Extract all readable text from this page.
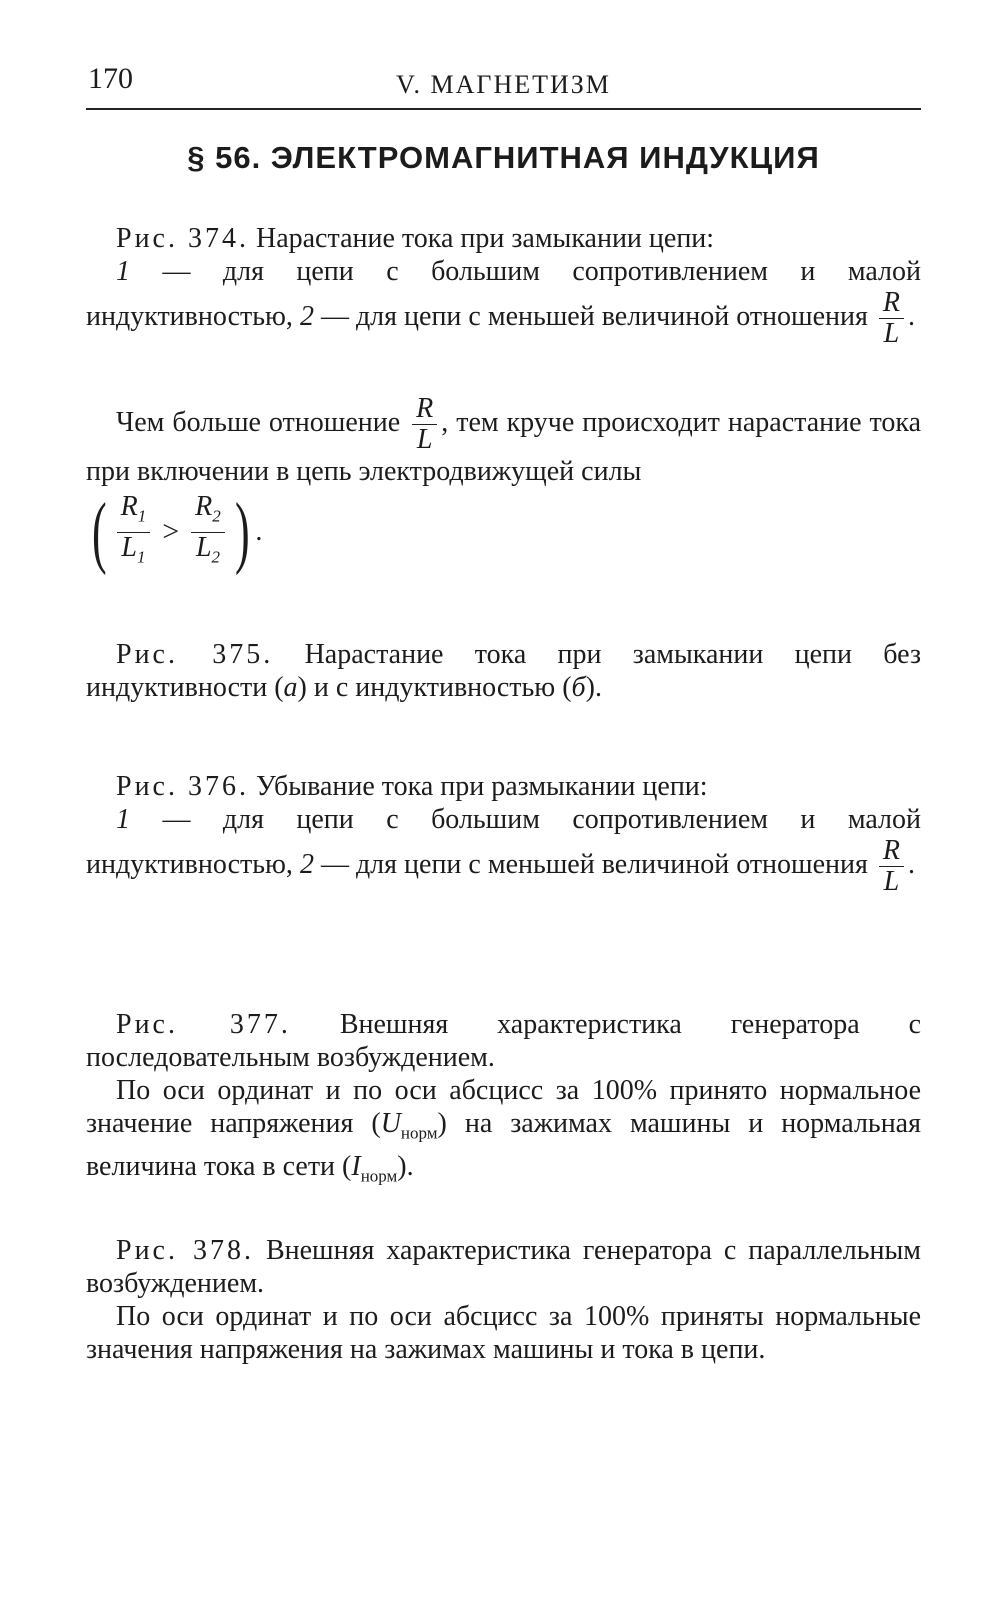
170	V. МАГНЕТИЗМ
§ 56. ЭЛЕКТРОМАГНИТНАЯ ИНДУКЦИЯ
Рис. 374. Нарастание тока при замыкании цепи:
1 — для цепи с большим сопротивлением и малой индуктивностью, 2 — для цепи с меньшей величиной отношения $\frac{R}{L}$ .
Чем больше отношение $\frac{R}{L}$ , тем круче происходит нарастание тока при включении в цепь электродвижущей силы
( $\frac{R_1}{L_1} > \frac{R_2}{L_2}$ ) .
Рис. 375. Нарастание тока при замыкании цепи без индуктивности (а) и с индуктивностью (б).
Рис. 376. Убывание тока при размыкании цепи:
1 — для цепи с большим сопротивлением и малой индуктивностью, 2 — для цепи с меньшей величиной отношения $\frac{R}{L}$ .
Рис. 377. Внешняя характеристика генератора с последовательным возбуждением.
По оси ординат и по оси абсцисс за 100% принято нормальное значение напряжения $(U_{норм})$ на зажимах машины и нормальная величина тока в сети $(I_{норм})$.
Рис. 378. Внешняя характеристика генератора с параллельным возбуждением.
По оси ординат и по оси абсцисс за 100% приняты нормальные значения напряжения на зажимах машины и тока в цепи.
